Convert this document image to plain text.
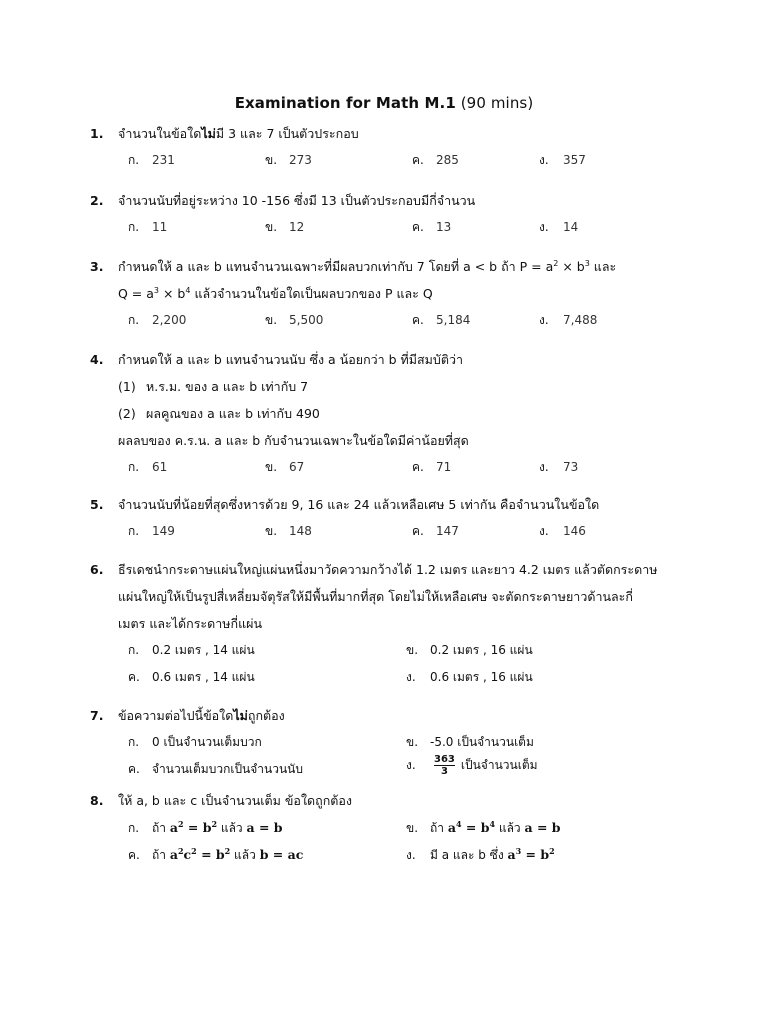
Examination for Math M.1 (90 mins)
1.	จำนวนในข้อใดไม่มี 3 และ 7 เป็นตัวประกอบ
ก. 231	ข. 273	ค. 285	ง. 357
2.	จำนวนนับที่อยู่ระหว่าง 10 -156 ซึ่งมี 13 เป็นตัวประกอบมีกี่จำนวน
ก. 11	ข. 12	ค. 13	ง. 14
3.	กำหนดให้ a และ b แทนจำนวนเฉพาะที่มีผลบวกเท่ากับ 7 โดยที่ a < b ถ้า $P = a^2 \times b^3$ และ
$Q = a^3 \times b^4$ แล้วจำนวนในข้อใดเป็นผลบวกของ P และ Q
ก. 2,200	ข. 5,500	ค. 5,184	ง. 7,488
4.	กำหนดให้ a และ b แทนจำนวนนับ ซึ่ง a น้อยกว่า b ที่มีสมบัติว่า
(1) ห.ร.ม. ของ a และ b เท่ากับ 7
(2) ผลคูณของ a และ b เท่ากับ 490
ผลลบของ ค.ร.น. a และ b กับจำนวนเฉพาะในข้อใดมีค่าน้อยที่สุด
ก. 61	ข. 67	ค. 71	ง. 73
5.	จำนวนนับที่น้อยที่สุดซึ่งหารด้วย 9, 16 และ 24 แล้วเหลือเศษ 5 เท่ากัน คือจำนวนในข้อใด
ก. 149	ข. 148	ค. 147	ง. 146
6.	ธีรเดชนำกระดาษแผ่นใหญ่แผ่นหนึ่งมาวัดความกว้างได้ 1.2 เมตร และยาว 4.2 เมตร แล้วตัดกระดาษ
แผ่นใหญ่ให้เป็นรูปสี่เหลี่ยมจัตุรัสให้มีพื้นที่มากที่สุด โดยไม่ให้เหลือเศษ จะตัดกระดาษยาวด้านละกี่
เมตร และได้กระดาษกี่แผ่น
ก. 0.2 เมตร , 14 แผ่น	ข. 0.2 เมตร , 16 แผ่น
ค. 0.6 เมตร , 14 แผ่น	ง. 0.6 เมตร , 16 แผ่น
7.	ข้อความต่อไปนี้ข้อใดไม่ถูกต้อง
ก. 0 เป็นจำนวนเต็มบวก	ข. -5.0 เป็นจำนวนเต็ม
ค. จำนวนเต็มบวกเป็นจำนวนนับ	ง. $\frac{363}{3}$ เป็นจำนวนเต็ม
8.	ให้ a, b และ c เป็นจำนวนเต็ม ข้อใดถูกต้อง
ก. ถ้า $a^2 = b^2$ แล้ว a = b	ข. ถ้า $a^4 = b^4$ แล้ว a = b
ค. ถ้า $a^2c^2 = b^2$ แล้ว b = ac	ง. มี a และ b ซึ่ง $a^3 = b^2$
